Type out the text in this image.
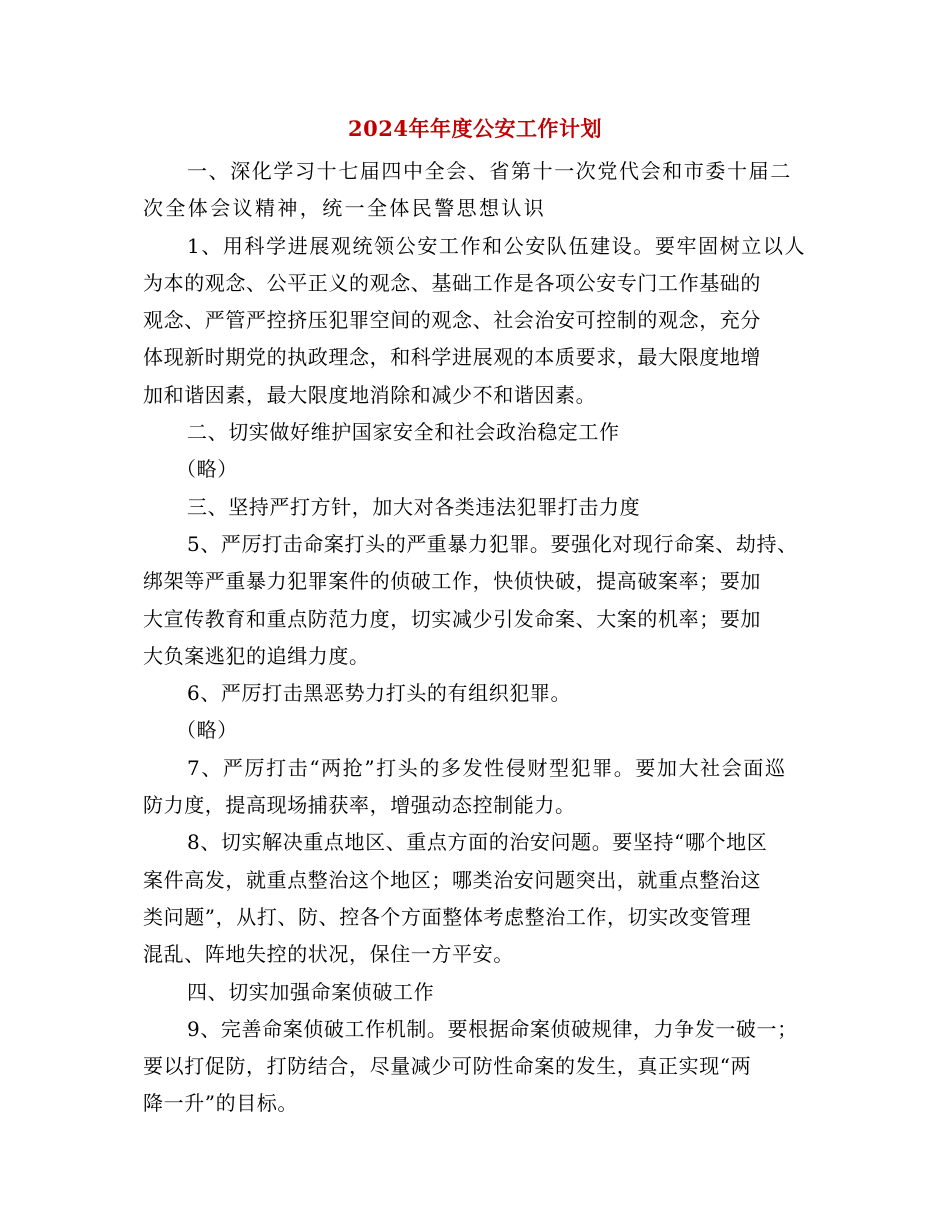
2024年年度公安工作计划
一、深化学习十七届四中全会、省第十一次党代会和市委十届二
次全体会议精神，统一全体民警思想认识
1、用科学进展观统领公安工作和公安队伍建设。要牢固树立以人
为本的观念、公平正义的观念、基础工作是各项公安专门工作基础的
观念、严管严控挤压犯罪空间的观念、社会治安可控制的观念，充分
体现新时期党的执政理念，和科学进展观的本质要求，最大限度地增
加和谐因素，最大限度地消除和减少不和谐因素。
二、切实做好维护国家安全和社会政治稳定工作
（略）
三、坚持严打方针，加大对各类违法犯罪打击力度
5、严厉打击命案打头的严重暴力犯罪。要强化对现行命案、劫持、
绑架等严重暴力犯罪案件的侦破工作，快侦快破，提高破案率；要加
大宣传教育和重点防范力度，切实减少引发命案、大案的机率；要加
大负案逃犯的追缉力度。
6、严厉打击黑恶势力打头的有组织犯罪。
（略）
7、严厉打击“两抢”打头的多发性侵财型犯罪。要加大社会面巡
防力度，提高现场捕获率，增强动态控制能力。
8、切实解决重点地区、重点方面的治安问题。要坚持“哪个地区
案件高发，就重点整治这个地区；哪类治安问题突出，就重点整治这
类问题”，从打、防、控各个方面整体考虑整治工作，切实改变管理
混乱、阵地失控的状况，保住一方平安。
四、切实加强命案侦破工作
9、完善命案侦破工作机制。要根据命案侦破规律，力争发一破一；
要以打促防，打防结合，尽量减少可防性命案的发生，真正实现“两
降一升”的目标。
